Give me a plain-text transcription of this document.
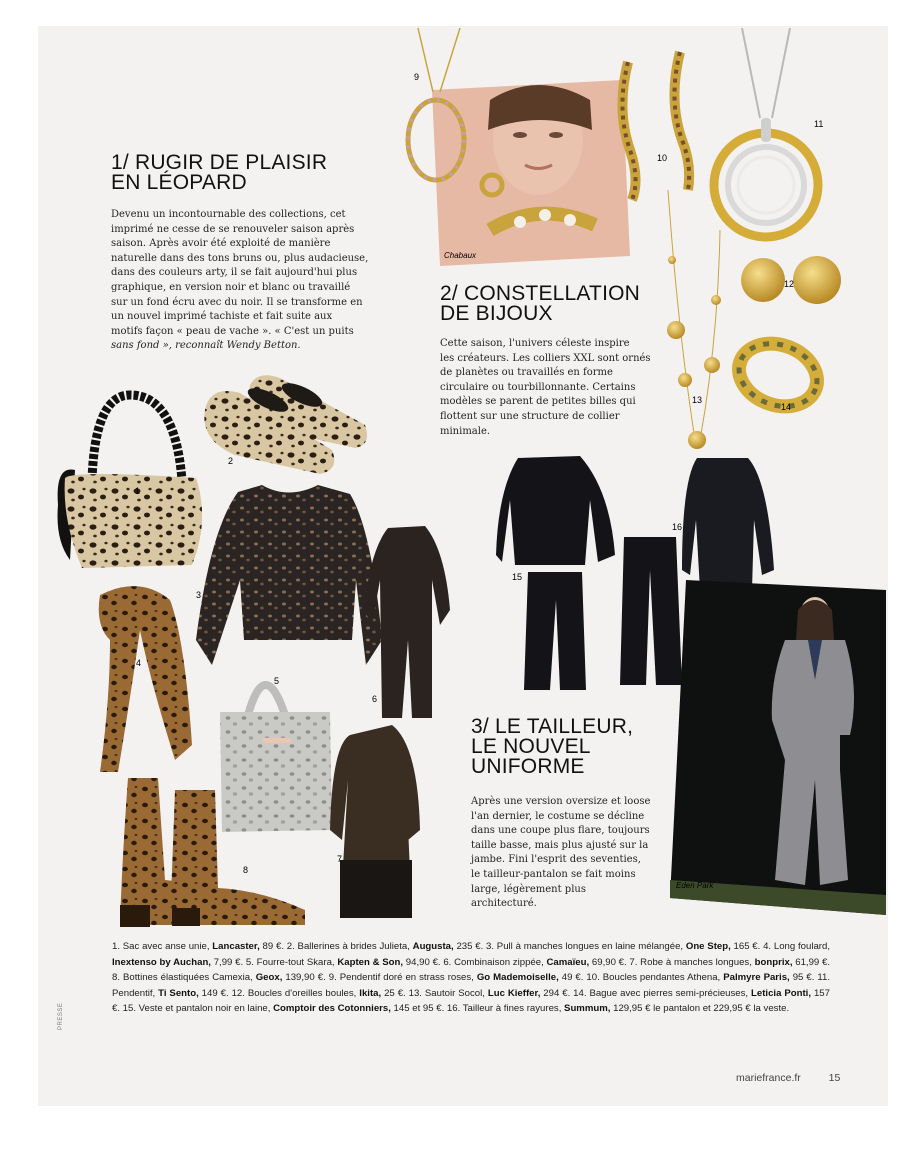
1/ RUGIR DE PLAISIR
EN LÉOPARD
Devenu un incontournable des collections, cet
imprimé ne cesse de se renouveler saison après
saison. Après avoir été exploité de manière
naturelle dans des tons bruns ou, plus audacieuse,
dans des couleurs arty, il se fait aujourd'hui plus
graphique, en version noir et blanc ou travaillé
sur un fond écru avec du noir. Il se transforme en
un nouvel imprimé tachiste et fait suite aux
motifs façon « peau de vache ». « C'est un puits
sans fond », reconnaît Wendy Betton.
2/ CONSTELLATION
DE BIJOUX
Cette saison, l'univers céleste inspire
les créateurs. Les colliers XXL sont ornés
de planètes ou travaillés en forme
circulaire ou tourbillonnante. Certains
modèles se parent de petites billes qui
flottent sur une structure de collier
minimale.
3/ LE TAILLEUR,
LE NOUVEL
UNIFORME
Après une version oversize et loose
l'an dernier, le costume se décline
dans une coupe plus flare, toujours
taille basse, mais plus ajusté sur la
jambe. Fini l'esprit des seventies,
le tailleur-pantalon se fait moins
large, légèrement plus
architecturé.
1
2
3
4
5
6
7
8
9
10
11
12
13
14
15
16
Chabaux
Eden Park
1. Sac avec anse unie, Lancaster, 89 €. 2. Ballerines à brides Julieta, Augusta, 235 €. 3. Pull à manches longues en laine mélangée, One Step, 165 €. 4. Long foulard, Inextenso by Auchan, 7,99 €. 5. Fourre-tout Skara, Kapten & Son, 94,90 €. 6. Combinaison zippée, Camaïeu, 69,90 €. 7. Robe à manches longues, bonprix, 61,99 €. 8. Bottines élastiquées Camexia, Geox, 139,90 €. 9. Pendentif doré en strass roses, Go Mademoiselle, 49 €. 10. Boucles pendantes Athena, Palmyre Paris, 95 €. 11. Pendentif, Ti Sento, 149 €. 12. Boucles d'oreilles boules, Ikita, 25 €. 13. Sautoir Socol, Luc Kieffer, 294 €. 14. Bague avec pierres semi-précieuses, Leticia Ponti, 157 €. 15. Veste et pantalon noir en laine, Comptoir des Cotonniers, 145 et 95 €. 16. Tailleur à fines rayures, Summum, 129,95 € le pantalon et 229,95 € la veste.
mariefrance.fr	15
PRESSE
